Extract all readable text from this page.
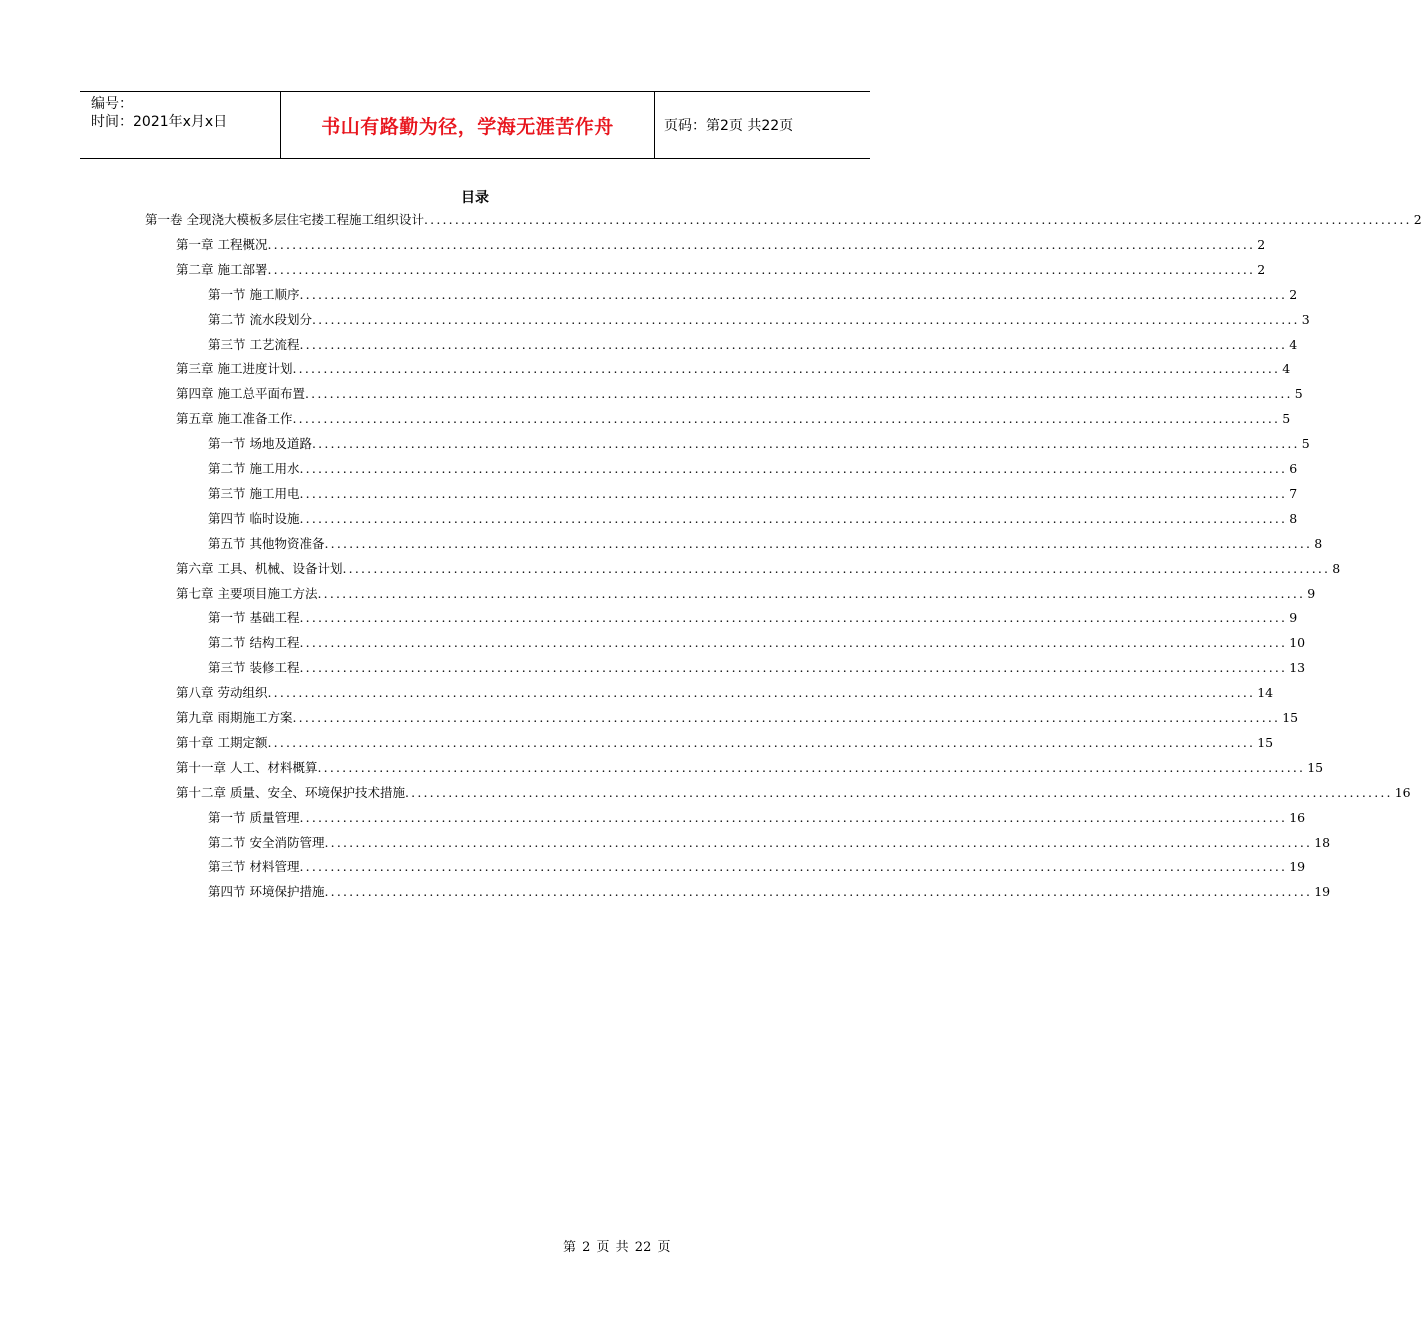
编号：
时间：2021年x月x日	书山有路勤为径，学海无涯苦作舟	页码：第2页 共22页
目录
第一卷 全现浇大模板多层住宅搂工程施工组织设计 ................................................................................................................................................................ 2
第一章 工程概况 ................................................................................................................................................................ 2
第二章 施工部署 ................................................................................................................................................................ 2
第一节 施工顺序 ................................................................................................................................................................ 2
第二节 流水段划分 ................................................................................................................................................................ 3
第三节 工艺流程 ................................................................................................................................................................ 4
第三章 施工进度计划 ................................................................................................................................................................ 4
第四章 施工总平面布置 ................................................................................................................................................................ 5
第五章 施工准备工作 ................................................................................................................................................................ 5
第一节 场地及道路 ................................................................................................................................................................ 5
第二节 施工用水 ................................................................................................................................................................ 6
第三节 施工用电 ................................................................................................................................................................ 7
第四节 临时设施 ................................................................................................................................................................ 8
第五节 其他物资准备 ................................................................................................................................................................ 8
第六章 工具、机械、设备计划 ................................................................................................................................................................ 8
第七章 主要项目施工方法 ................................................................................................................................................................ 9
第一节 基础工程 ................................................................................................................................................................ 9
第二节 结构工程 ................................................................................................................................................................ 10
第三节 装修工程 ................................................................................................................................................................ 13
第八章 劳动组织 ................................................................................................................................................................ 14
第九章 雨期施工方案 ................................................................................................................................................................ 15
第十章 工期定额 ................................................................................................................................................................ 15
第十一章 人工、材料概算 ................................................................................................................................................................ 15
第十二章 质量、安全、环境保护技术措施 ................................................................................................................................................................ 16
第一节 质量管理 ................................................................................................................................................................ 16
第二节 安全消防管理 ................................................................................................................................................................ 18
第三节 材料管理 ................................................................................................................................................................ 19
第四节 环境保护措施 ................................................................................................................................................................ 19
第 2 页 共 22 页
